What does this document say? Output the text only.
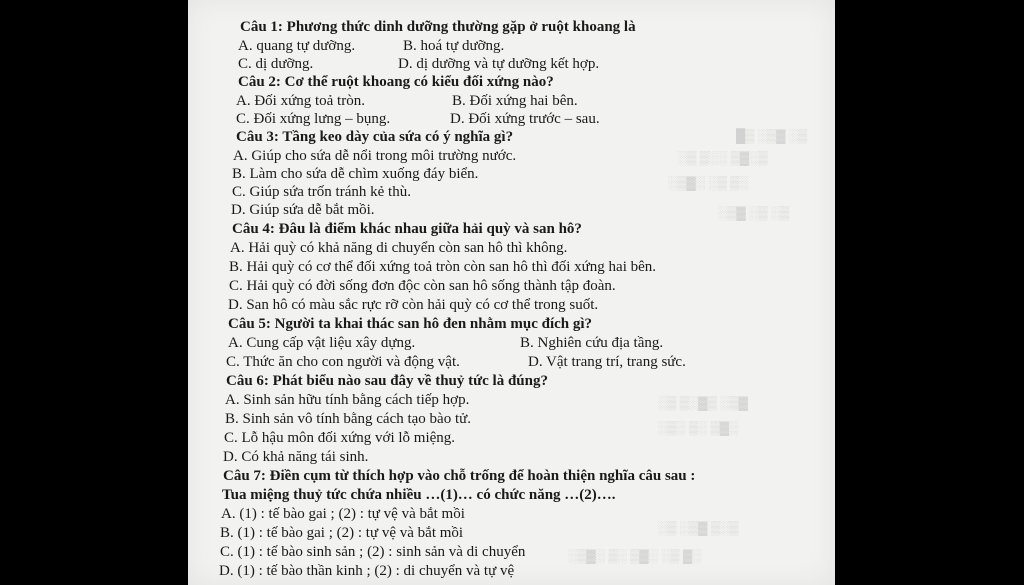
█▒ ░▒▓ ░▒
░▒ ▒░░ ▒▓░▒
░▒▓░ ░▒ ▒░
░▒▓ ░▒ ░▒
░▒ ▒░▓▒ ░▒▓
░▒░ ▒░ ▒▓░
░▒ ░▒▓ ▒░▒
░▒▓░ ▒░ ▒▓░ ░▒ ▓░
Câu 1: Phương thức dinh dưỡng thường gặp ở ruột khoang là
A. quang tự dưỡng.	B. hoá tự dưỡng.
C. dị dưỡng.	D. dị dưỡng và tự dưỡng kết hợp.
Câu 2: Cơ thể ruột khoang có kiểu đối xứng nào?
A. Đối xứng toả tròn.	B. Đối xứng hai bên.
C. Đối xứng lưng – bụng.	D. Đối xứng trước – sau.
Câu 3: Tầng keo dày của sứa có ý nghĩa gì?
A. Giúp cho sứa dễ nổi trong môi trường nước.
B. Làm cho sứa dễ chìm xuống đáy biển.
C. Giúp sứa trốn tránh kẻ thù.
D. Giúp sứa dễ bắt mồi.
Câu 4: Đâu là điểm khác nhau giữa hải quỳ và san hô?
A. Hải quỳ có khả năng di chuyển còn san hô thì không.
B. Hải quỳ có cơ thể đối xứng toả tròn còn san hô thì đối xứng hai bên.
C. Hải quỳ có đời sống đơn độc còn san hô sống thành tập đoàn.
D. San hô có màu sắc rực rỡ còn hải quỳ có cơ thể trong suốt.
Câu 5: Người ta khai thác san hô đen nhằm mục đích gì?
A. Cung cấp vật liệu xây dựng.	B. Nghiên cứu địa tầng.
C. Thức ăn cho con người và động vật.	D. Vật trang trí, trang sức.
Câu 6: Phát biểu nào sau đây về thuỷ tức là đúng?
A. Sinh sản hữu tính bằng cách tiếp hợp.
B. Sinh sản vô tính bằng cách tạo bào tử.
C. Lỗ hậu môn đối xứng với lỗ miệng.
D. Có khả năng tái sinh.
Câu 7: Điền cụm từ thích hợp vào chỗ trống để hoàn thiện nghĩa câu sau :
Tua miệng thuỷ tức chứa nhiều …(1)… có chức năng …(2)….
A. (1) : tế bào gai ; (2) : tự vệ và bắt mồi
B. (1) : tế bào gai ; (2) : tự vệ và bắt mồi
C. (1) : tế bào sinh sản ; (2) : sinh sản và di chuyển
D. (1) : tế bào thần kinh ; (2) : di chuyển và tự vệ
